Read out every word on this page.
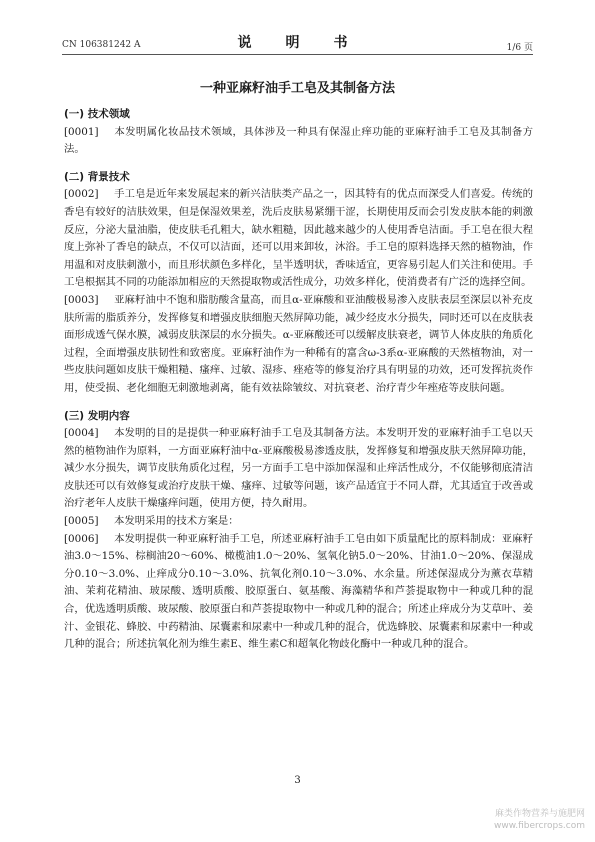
CN 106381242 A	说　明　书	1/6 页
一种亚麻籽油手工皂及其制备方法
(一) 技术领域

[0001] 本发明属化妆品技术领域，具体涉及一种具有保湿止痒功能的亚麻籽油手工皂及其制备方法。

(二) 背景技术

[0002] 手工皂是近年来发展起来的新兴洁肤类产品之一，因其特有的优点而深受人们喜爱。传统的香皂有较好的洁肤效果，但是保湿效果差，洗后皮肤易紧绷干涩，长期使用反而会引发皮肤本能的刺激反应，分泌大量油脂，使皮肤毛孔粗大，缺水粗糙，因此越来越少的人使用香皂洁面。手工皂在很大程度上弥补了香皂的缺点，不仅可以洁面，还可以用来卸妆，沐浴。手工皂的原料选择天然的植物油，作用温和对皮肤刺激小，而且形状颜色多样化，呈半透明状，香味适宜，更容易引起人们关注和使用。手工皂根据其不同的功能添加相应的天然提取物或活性成分，功效多样化，使消费者有广泛的选择空间。

[0003] 亚麻籽油中不饱和脂肪酸含量高，而且α-亚麻酸和亚油酸极易渗入皮肤表层至深层以补充皮肤所需的脂质养分，发挥修复和增强皮肤细胞天然屏障功能，减少经皮水分损失，同时还可以在皮肤表面形成透气保水膜，减弱皮肤深层的水分损失。α-亚麻酸还可以缓解皮肤衰老，调节人体皮肤的角质化过程，全面增强皮肤韧性和致密度。亚麻籽油作为一种稀有的富含ω-3系α-亚麻酸的天然植物油，对一些皮肤问题如皮肤干燥粗糙、瘙痒、过敏、湿疹、痤疮等的修复治疗具有明显的功效，还可发挥抗炎作用，使受损、老化细胞无刺激地剥离，能有效祛除皱纹、对抗衰老、治疗青少年痤疮等皮肤问题。

(三) 发明内容

[0004] 本发明的目的是提供一种亚麻籽油手工皂及其制备方法。本发明开发的亚麻籽油手工皂以天然的植物油作为原料，一方面亚麻籽油中α-亚麻酸极易渗透皮肤，发挥修复和增强皮肤天然屏障功能，减少水分损失，调节皮肤角质化过程，另一方面手工皂中添加保湿和止痒活性成分，不仅能够彻底清洁皮肤还可以有效修复或治疗皮肤干燥、瘙痒、过敏等问题，该产品适宜于不同人群，尤其适宜于改善或治疗老年人皮肤干燥瘙痒问题，使用方便，持久耐用。

[0005] 本发明采用的技术方案是：

[0006] 本发明提供一种亚麻籽油手工皂，所述亚麻籽油手工皂由如下质量配比的原料制成：亚麻籽油3.0～15%、棕榈油20～60%、橄榄油1.0～20%、氢氧化钠5.0～20%、甘油1.0～20%、保湿成分0.10～3.0%、止痒成分0.10～3.0%、抗氧化剂0.10～3.0%、水余量。所述保湿成分为薰衣草精油、茉莉花精油、玻尿酸、透明质酸、胶原蛋白、氨基酸、海藻精华和芦荟提取物中一种或几种的混合，优选透明质酸、玻尿酸、胶原蛋白和芦荟提取物中一种或几种的混合；所述止痒成分为艾草叶、姜汁、金银花、蜂胶、中药精油、尿囊素和尿素中一种或几种的混合，优选蜂胶、尿囊素和尿素中一种或几种的混合；所述抗氧化剂为维生素E、维生素C和超氧化物歧化酶中一种或几种的混合。

3
麻类作物营养与施肥网
www.fibercrops.com
